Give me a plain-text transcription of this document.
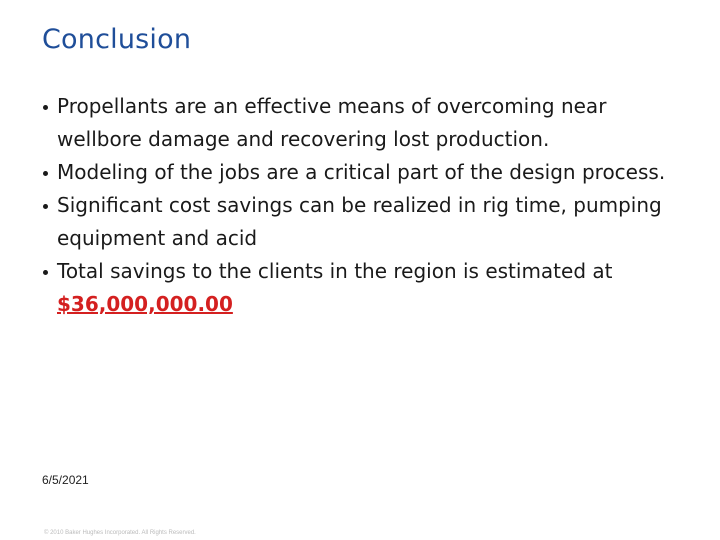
Conclusion
Propellants are an effective means of overcoming near wellbore damage and recovering lost production.
Modeling of the jobs are a critical part of the design process.
Significant cost savings can be realized in rig time, pumping equipment and acid
Total savings to the clients in the region is estimated at
$36,000,000.00
6/5/2021
© 2010 Baker Hughes Incorporated. All Rights Reserved.
